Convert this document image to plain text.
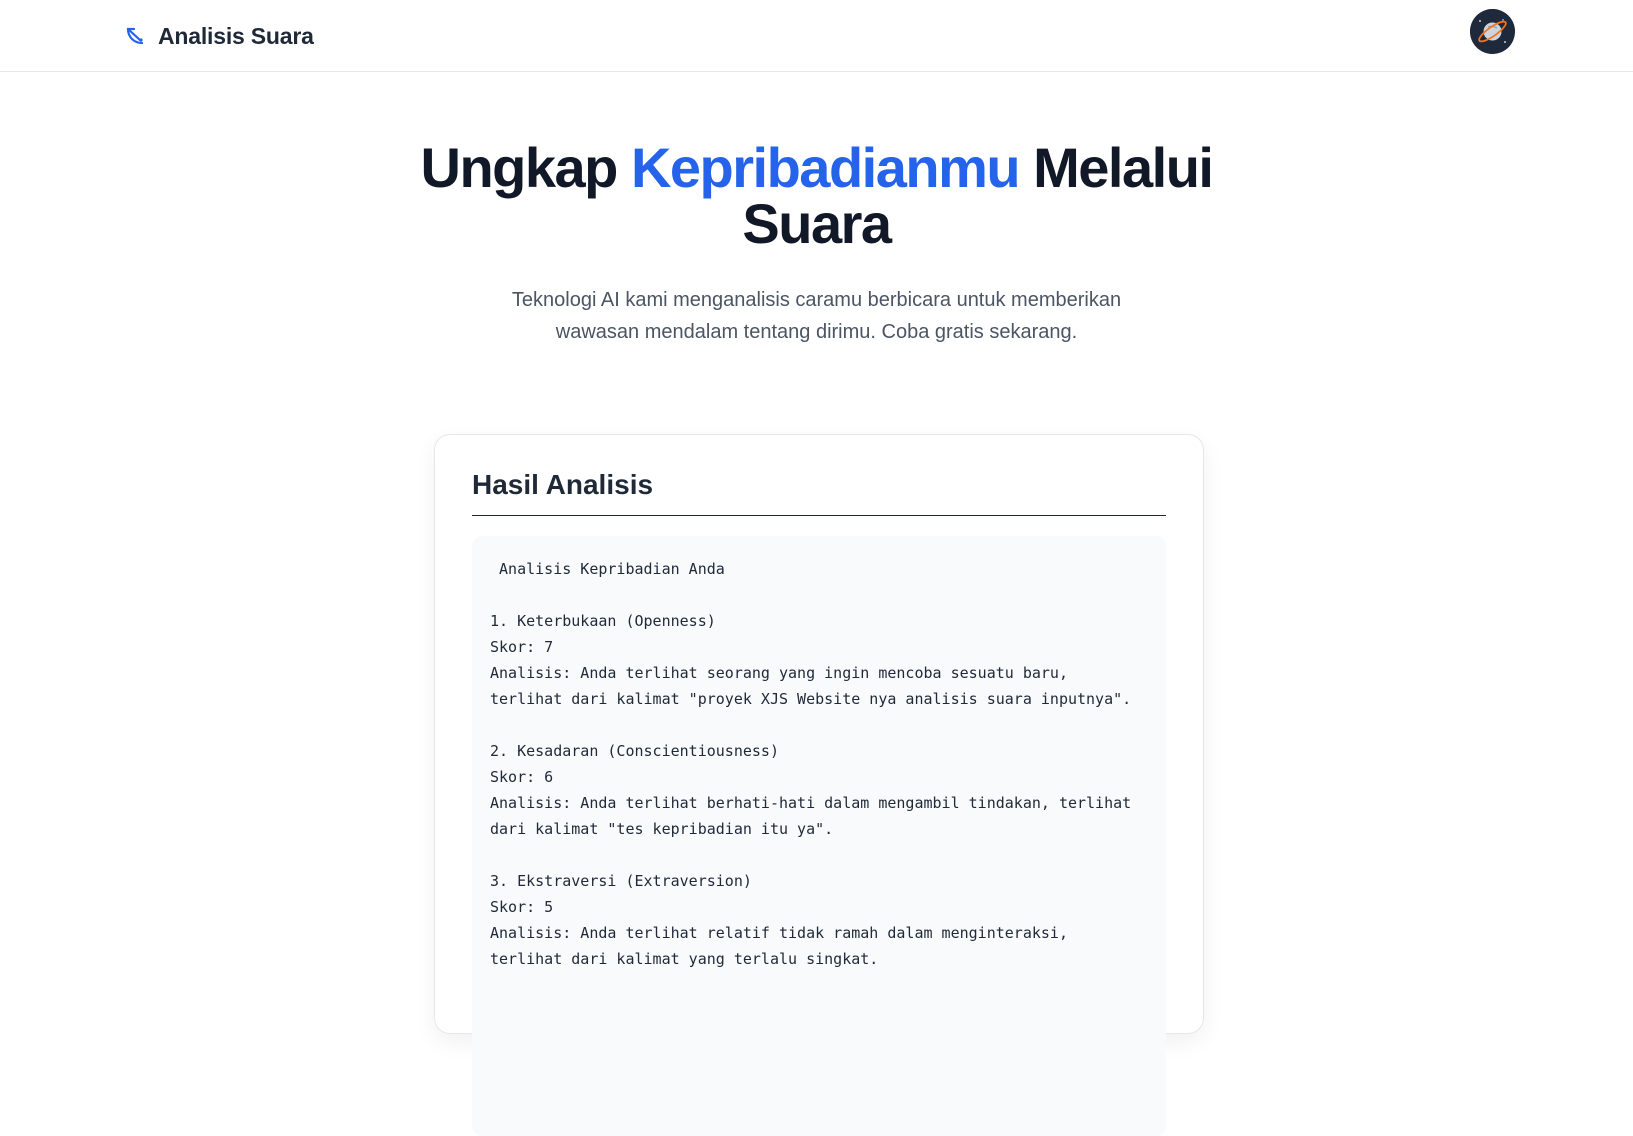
Analisis Suara
Ungkap Kepribadianmu Melalui Suara

Teknologi AI kami menganalisis caramu berbicara untuk memberikan wawasan mendalam tentang dirimu. Coba gratis sekarang.

Hasil Analisis
Analisis Kepribadian Anda

1. Keterbukaan (Openness)
Skor: 7
Analisis: Anda terlihat seorang yang ingin mencoba sesuatu baru, terlihat dari kalimat "proyek XJS Website nya analisis suara inputnya".

2. Kesadaran (Conscientiousness)
Skor: 6
Analisis: Anda terlihat berhati-hati dalam mengambil tindakan, terlihat dari kalimat "tes kepribadian itu ya".

3. Ekstraversi (Extraversion)
Skor: 5
Analisis: Anda terlihat relatif tidak ramah dalam menginteraksi, terlihat dari kalimat yang terlalu singkat.
